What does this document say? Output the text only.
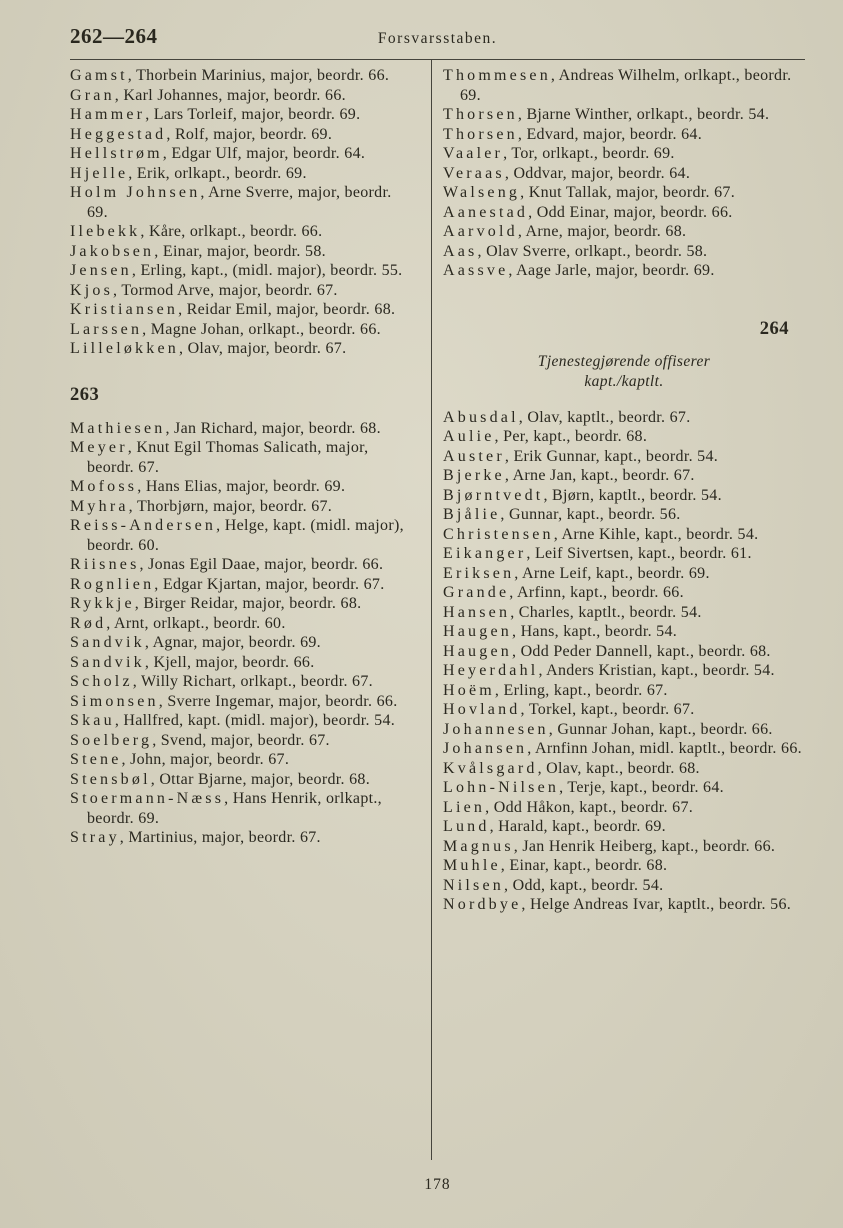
262—264	Forsvarsstaben.
Gamst, Thorbein Marinius, major, beordr. 66.
Gran, Karl Johannes, major, beordr. 66.
Hammer, Lars Torleif, major, beordr. 69.
Heggestad, Rolf, major, beordr. 69.
Hellstrøm, Edgar Ulf, major, beordr. 64.
Hjelle, Erik, orlkapt., beordr. 69.
Holm Johnsen, Arne Sverre, major, beordr. 69.
Ilebekk, Kåre, orlkapt., beordr. 66.
Jakobsen, Einar, major, beordr. 58.
Jensen, Erling, kapt., (midl. major), beordr. 55.
Kjos, Tormod Arve, major, beordr. 67.
Kristiansen, Reidar Emil, major, beordr. 68.
Larssen, Magne Johan, orlkapt., beordr. 66.
Lilleløkken, Olav, major, beordr. 67.
263
Mathiesen, Jan Richard, major, beordr. 68.
Meyer, Knut Egil Thomas Salicath, major, beordr. 67.
Mofoss, Hans Elias, major, beordr. 69.
Myhra, Thorbjørn, major, beordr. 67.
Reiss-Andersen, Helge, kapt. (midl. major), beordr. 60.
Riisnes, Jonas Egil Daae, major, beordr. 66.
Rognlien, Edgar Kjartan, major, beordr. 67.
Rykkje, Birger Reidar, major, beordr. 68.
Rød, Arnt, orlkapt., beordr. 60.
Sandvik, Agnar, major, beordr. 69.
Sandvik, Kjell, major, beordr. 66.
Scholz, Willy Richart, orlkapt., beordr. 67.
Simonsen, Sverre Ingemar, major, beordr. 66.
Skau, Hallfred, kapt. (midl. major), beordr. 54.
Soelberg, Svend, major, beordr. 67.
Stene, John, major, beordr. 67.
Stensbøl, Ottar Bjarne, major, beordr. 68.
Stoermann-Næss, Hans Henrik, orlkapt., beordr. 69.
Stray, Martinius, major, beordr. 67.
Thommesen, Andreas Wilhelm, orlkapt., beordr. 69.
Thorsen, Bjarne Winther, orlkapt., beordr. 54.
Thorsen, Edvard, major, beordr. 64.
Vaaler, Tor, orlkapt., beordr. 69.
Veraas, Oddvar, major, beordr. 64.
Walseng, Knut Tallak, major, beordr. 67.
Aanestad, Odd Einar, major, beordr. 66.
Aarvold, Arne, major, beordr. 68.
Aas, Olav Sverre, orlkapt., beordr. 58.
Aassve, Aage Jarle, major, beordr. 69.
264
Tjenestegjørende offiserer
kapt./kaptlt.
Abusdal, Olav, kaptlt., beordr. 67.
Aulie, Per, kapt., beordr. 68.
Auster, Erik Gunnar, kapt., beordr. 54.
Bjerke, Arne Jan, kapt., beordr. 67.
Bjørntvedt, Bjørn, kaptlt., beordr. 54.
Bjålie, Gunnar, kapt., beordr. 56.
Christensen, Arne Kihle, kapt., beordr. 54.
Eikanger, Leif Sivertsen, kapt., beordr. 61.
Eriksen, Arne Leif, kapt., beordr. 69.
Grande, Arfinn, kapt., beordr. 66.
Hansen, Charles, kaptlt., beordr. 54.
Haugen, Hans, kapt., beordr. 54.
Haugen, Odd Peder Dannell, kapt., beordr. 68.
Heyerdahl, Anders Kristian, kapt., beordr. 54.
Hoëm, Erling, kapt., beordr. 67.
Hovland, Torkel, kapt., beordr. 67.
Johannesen, Gunnar Johan, kapt., beordr. 66.
Johansen, Arnfinn Johan, midl. kaptlt., beordr. 66.
Kvålsgard, Olav, kapt., beordr. 68.
Lohn-Nilsen, Terje, kapt., beordr. 64.
Lien, Odd Håkon, kapt., beordr. 67.
Lund, Harald, kapt., beordr. 69.
Magnus, Jan Henrik Heiberg, kapt., beordr. 66.
Muhle, Einar, kapt., beordr. 68.
Nilsen, Odd, kapt., beordr. 54.
Nordbye, Helge Andreas Ivar, kaptlt., beordr. 56.
178
